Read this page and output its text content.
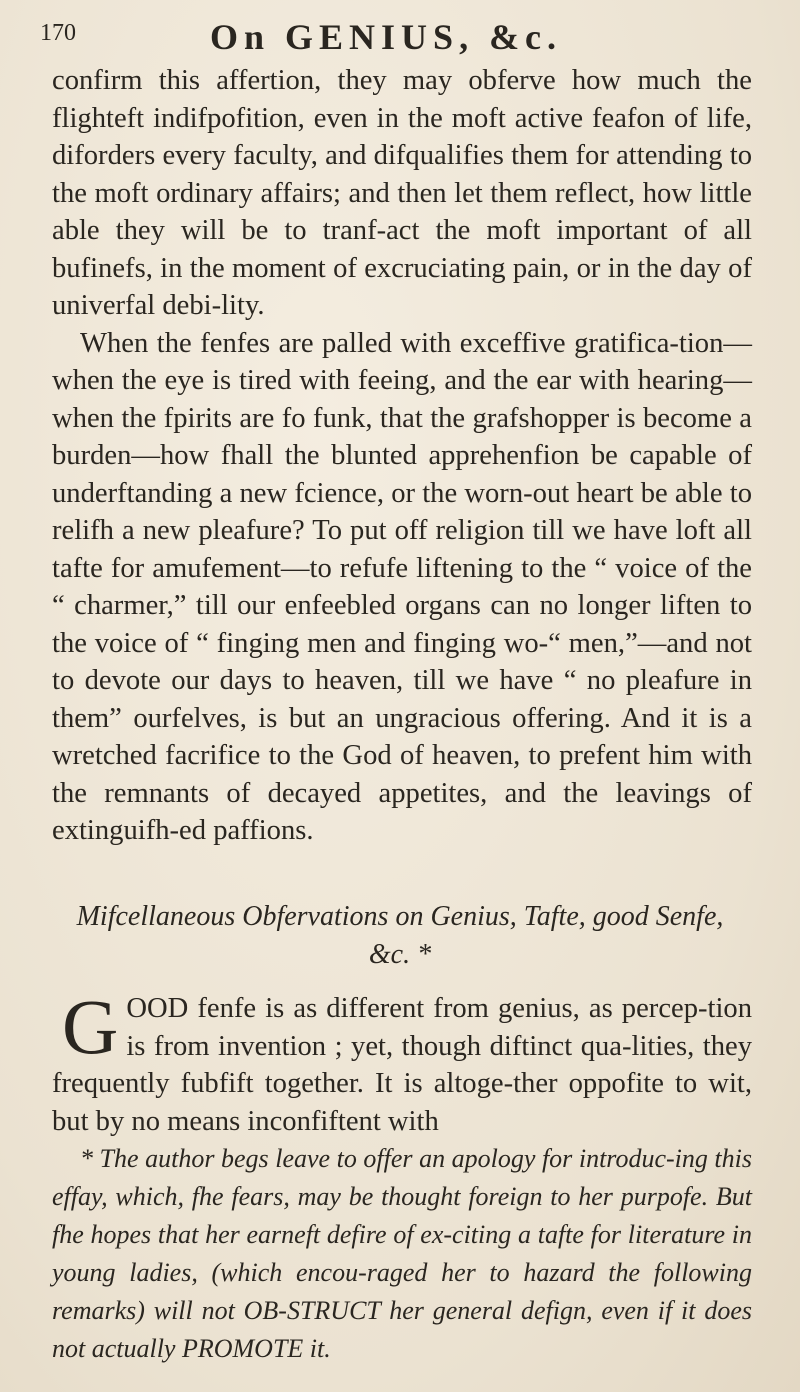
170	On GENIUS, &c.

confirm this affertion, they may obferve how much the flighteft indifpofition, even in the moft active feafon of life, diforders every faculty, and difqualifies them for attending to the moft ordinary affairs; and then let them reflect, how little able they will be to tranf-act the moft important of all bufinefs, in the moment of excruciating pain, or in the day of univerfal debi-lity.

When the fenfes are palled with exceffive gratifica-tion—when the eye is tired with feeing, and the ear with hearing—when the fpirits are fo funk, that the grafshopper is become a burden—how fhall the blunted apprehenfion be capable of underftanding a new fcience, or the worn-out heart be able to relifh a new pleafure? To put off religion till we have loft all tafte for amufement—to refufe liftening to the “ voice of the “ charmer,” till our enfeebled organs can no longer liften to the voice of “ finging men and finging wo-“ men,”—and not to devote our days to heaven, till we have “ no pleafure in them” ourfelves, is but an ungracious offering. And it is a wretched facrifice to the God of heaven, to prefent him with the remnants of decayed appetites, and the leavings of extinguifh-ed paffions.

Mifcellaneous Obfervations on Genius, Tafte, good Senfe, &c. *
G OOD fenfe is as different from genius, as percep-tion is from invention ; yet, though diftinct qua-lities, they frequently fubfift together. It is altoge-ther oppofite to wit, but by no means inconfiftent with

* The author begs leave to offer an apology for introduc-ing this effay, which, fhe fears, may be thought foreign to her purpofe. But fhe hopes that her earneft defire of ex-citing a tafte for literature in young ladies, (which encou-raged her to hazard the following remarks) will not OB-STRUCT her general defign, even if it does not actually PROMOTE it.
